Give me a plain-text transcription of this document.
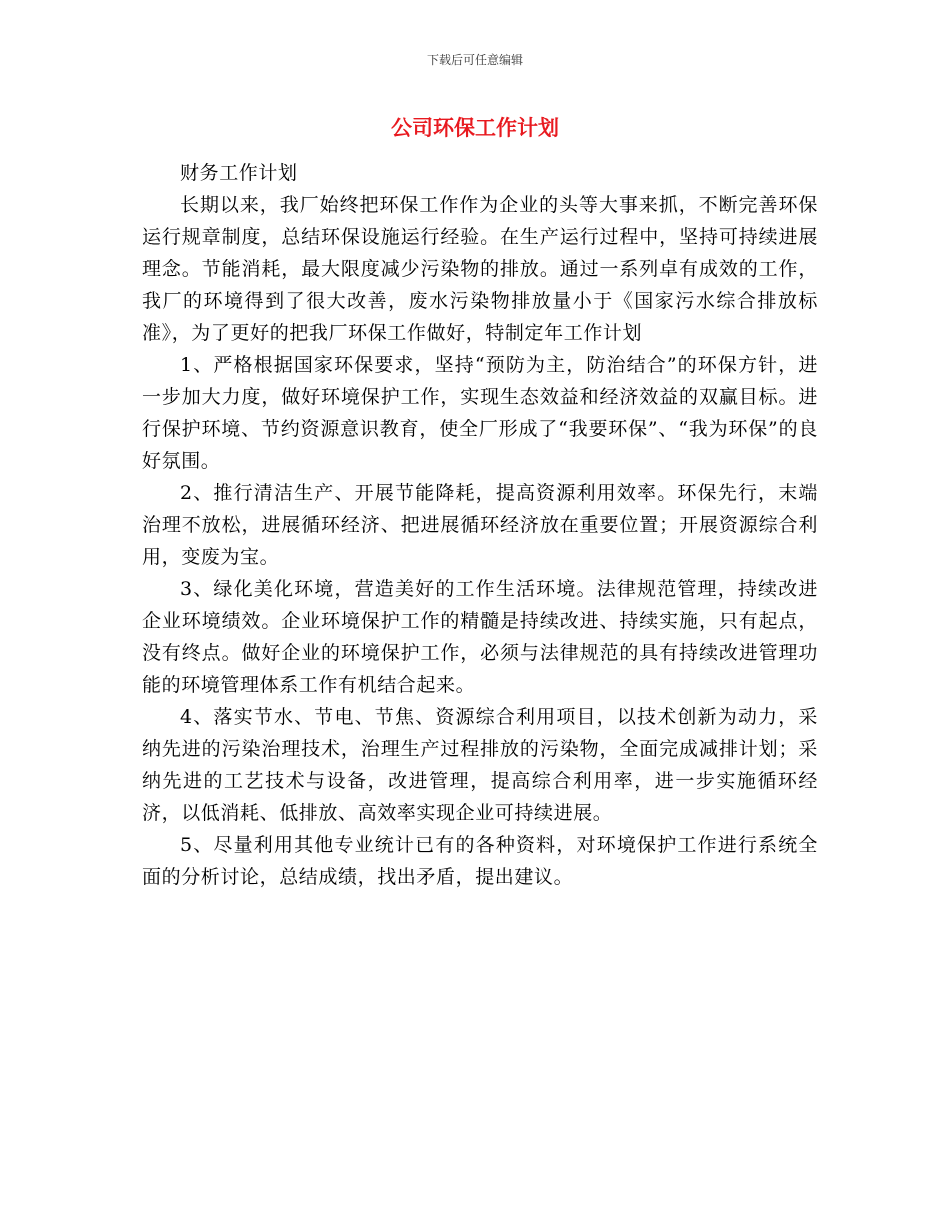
下载后可任意编辑
公司环保工作计划

财务工作计划

长期以来，我厂始终把环保工作作为企业的头等大事来抓，不断完善环保运行规章制度，总结环保设施运行经验。在生产运行过程中，坚持可持续进展理念。节能消耗，最大限度减少污染物的排放。通过一系列卓有成效的工作，我厂的环境得到了很大改善，废水污染物排放量小于《国家污水综合排放标准》，为了更好的把我厂环保工作做好，特制定年工作计划

1、严格根据国家环保要求，坚持“预防为主，防治结合”的环保方针，进一步加大力度，做好环境保护工作，实现生态效益和经济效益的双赢目标。进行保护环境、节约资源意识教育，使全厂形成了“我要环保”、“我为环保”的良好氛围。

2、推行清洁生产、开展节能降耗，提高资源利用效率。环保先行，末端治理不放松，进展循环经济、把进展循环经济放在重要位置；开展资源综合利用，变废为宝。

3、绿化美化环境，营造美好的工作生活环境。法律规范管理，持续改进企业环境绩效。企业环境保护工作的精髓是持续改进、持续实施，只有起点，没有终点。做好企业的环境保护工作，必须与法律规范的具有持续改进管理功能的环境管理体系工作有机结合起来。

4、落实节水、节电、节焦、资源综合利用项目，以技术创新为动力，采纳先进的污染治理技术，治理生产过程排放的污染物，全面完成减排计划；采纳先进的工艺技术与设备，改进管理，提高综合利用率，进一步实施循环经济，以低消耗、低排放、高效率实现企业可持续进展。

5、尽量利用其他专业统计已有的各种资料，对环境保护工作进行系统全面的分析讨论，总结成绩，找出矛盾，提出建议。
